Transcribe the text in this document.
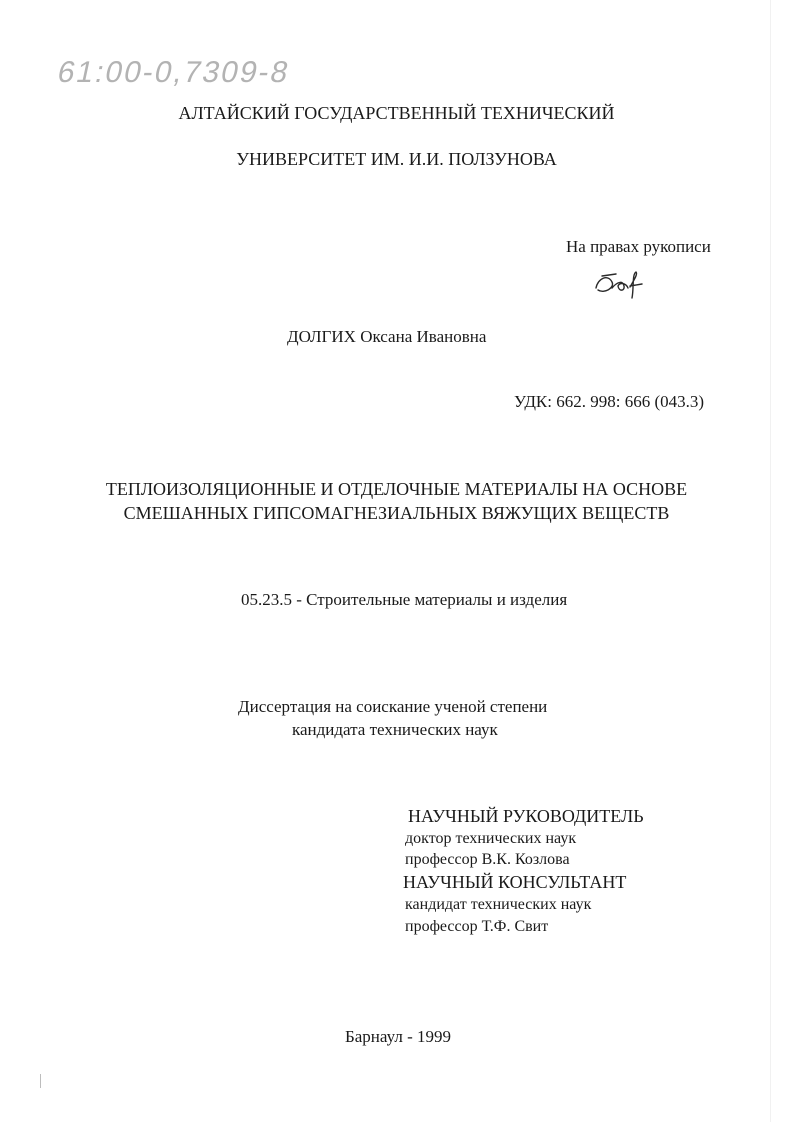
61:00-0,7309-8

АЛТАЙСКИЙ ГОСУДАРСТВЕННЫЙ ТЕХНИЧЕСКИЙ

УНИВЕРСИТЕТ ИМ. И.И. ПОЛЗУНОВА

На правах рукописи

ДОЛГИХ Оксана Ивановна

УДК: 662. 998: 666 (043.3)

ТЕПЛОИЗОЛЯЦИОННЫЕ И ОТДЕЛОЧНЫЕ МАТЕРИАЛЫ НА ОСНОВЕ

СМЕШАННЫХ ГИПСОМАГНЕЗИАЛЬНЫХ ВЯЖУЩИХ ВЕЩЕСТВ

05.23.5 - Строительные материалы и изделия

Диссертация на соискание ученой степени

кандидата технических наук

НАУЧНЫЙ РУКОВОДИТЕЛЬ

доктор технических наук

профессор В.К. Козлова

НАУЧНЫЙ КОНСУЛЬТАНТ

кандидат технических наук

профессор Т.Ф. Свит

Барнаул - 1999
